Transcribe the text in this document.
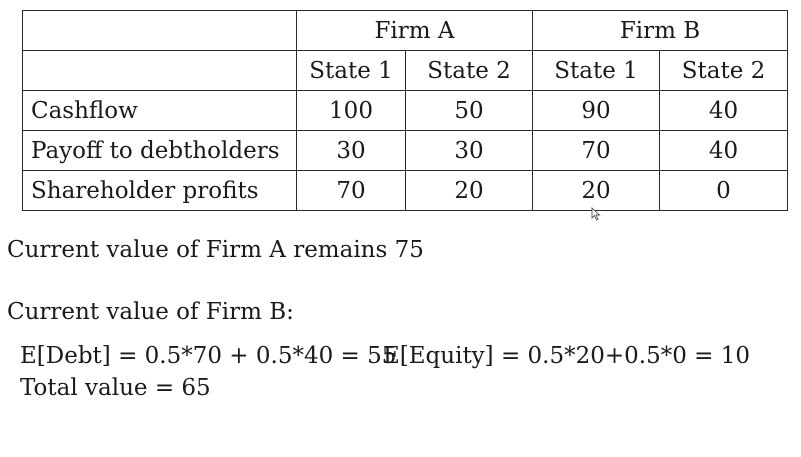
	Firm A		Firm B	
	State 1	State 2	State 1	State 2
Cashflow	100	50	90	40
Payoff to debtholders	30	30	70	40
Shareholder profits	70	20	20	0

Current value of Firm A remains 75

Current value of Firm B:

E[Debt] = 0.5*70 + 0.5*40 = 55

E[Equity] = 0.5*20+0.5*0 = 10

Total value = 65
